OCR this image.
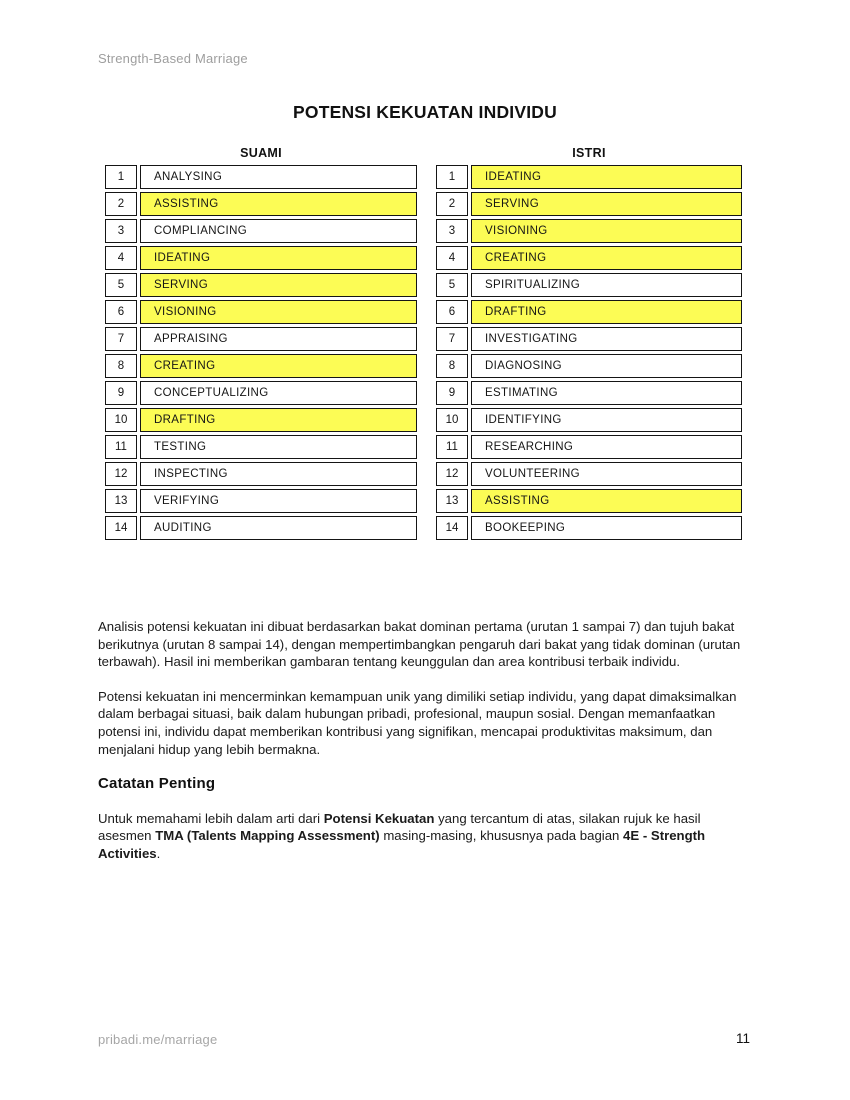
Strength-Based Marriage
POTENSI KEKUATAN INDIVIDU
SUAMI
1	ANALYSING
2	ASSISTING
3	COMPLIANCING
4	IDEATING
5	SERVING
6	VISIONING
7	APPRAISING
8	CREATING
9	CONCEPTUALIZING
10	DRAFTING
11	TESTING
12	INSPECTING
13	VERIFYING
14	AUDITING
ISTRI
1	IDEATING
2	SERVING
3	VISIONING
4	CREATING
5	SPIRITUALIZING
6	DRAFTING
7	INVESTIGATING
8	DIAGNOSING
9	ESTIMATING
10	IDENTIFYING
11	RESEARCHING
12	VOLUNTEERING
13	ASSISTING
14	BOOKEEPING

Analisis potensi kekuatan ini dibuat berdasarkan bakat dominan pertama (urutan 1 sampai 7) dan tujuh bakat berikutnya (urutan 8 sampai 14), dengan mempertimbangkan pengaruh dari bakat yang tidak dominan (urutan terbawah). Hasil ini memberikan gambaran tentang keunggulan dan area kontribusi terbaik individu.

Potensi kekuatan ini mencerminkan kemampuan unik yang dimiliki setiap individu, yang dapat dimaksimalkan dalam berbagai situasi, baik dalam hubungan pribadi, profesional, maupun sosial. Dengan memanfaatkan potensi ini, individu dapat memberikan kontribusi yang signifikan, mencapai produktivitas maksimum, dan menjalani hidup yang lebih bermakna.

Catatan Penting

Untuk memahami lebih dalam arti dari Potensi Kekuatan yang tercantum di atas, silakan rujuk ke hasil asesmen TMA (Talents Mapping Assessment) masing-masing, khususnya pada bagian 4E - Strength Activities.

pribadi.me/marriage	11
